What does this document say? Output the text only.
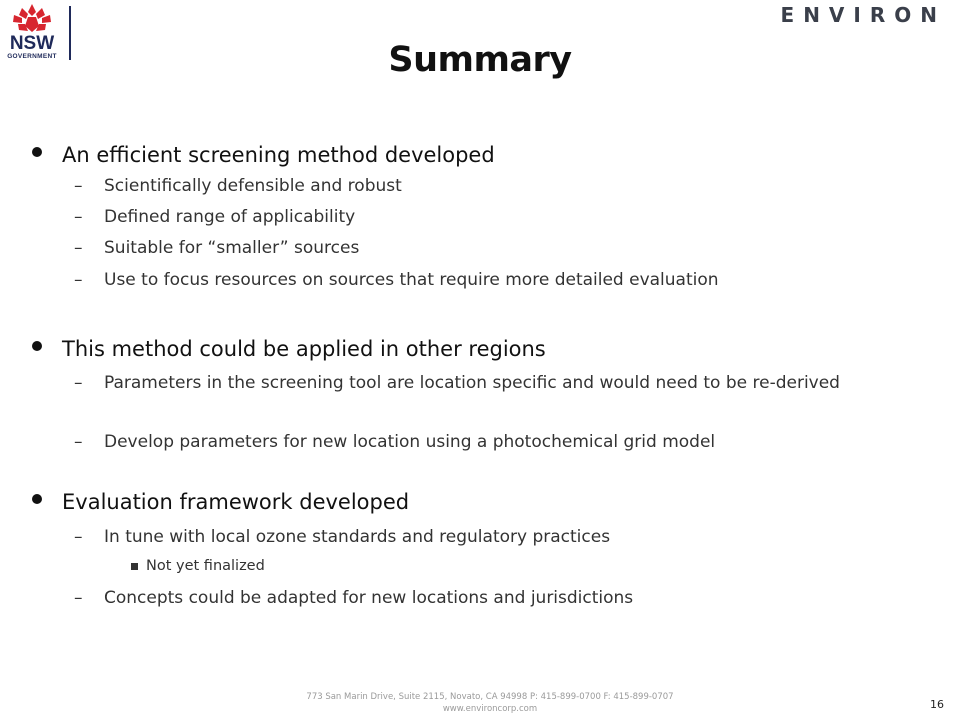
NSW
GOVERNMENT
ENVIRON
Summary
An efficient screening method developed
– Scientifically defensible and robust
– Defined range of applicability
– Suitable for “smaller” sources
– Use to focus resources on sources that require more detailed evaluation
This method could be applied in other regions
– Parameters in the screening tool are location specific and would need to be re-derived
– Develop parameters for new location using a photochemical grid model
Evaluation framework developed
– In tune with local ozone standards and regulatory practices
Not yet finalized
– Concepts could be adapted for new locations and jurisdictions
773 San Marin Drive, Suite 2115, Novato, CA 94998 P: 415-899-0700 F: 415-899-0707
www.environcorp.com	16
